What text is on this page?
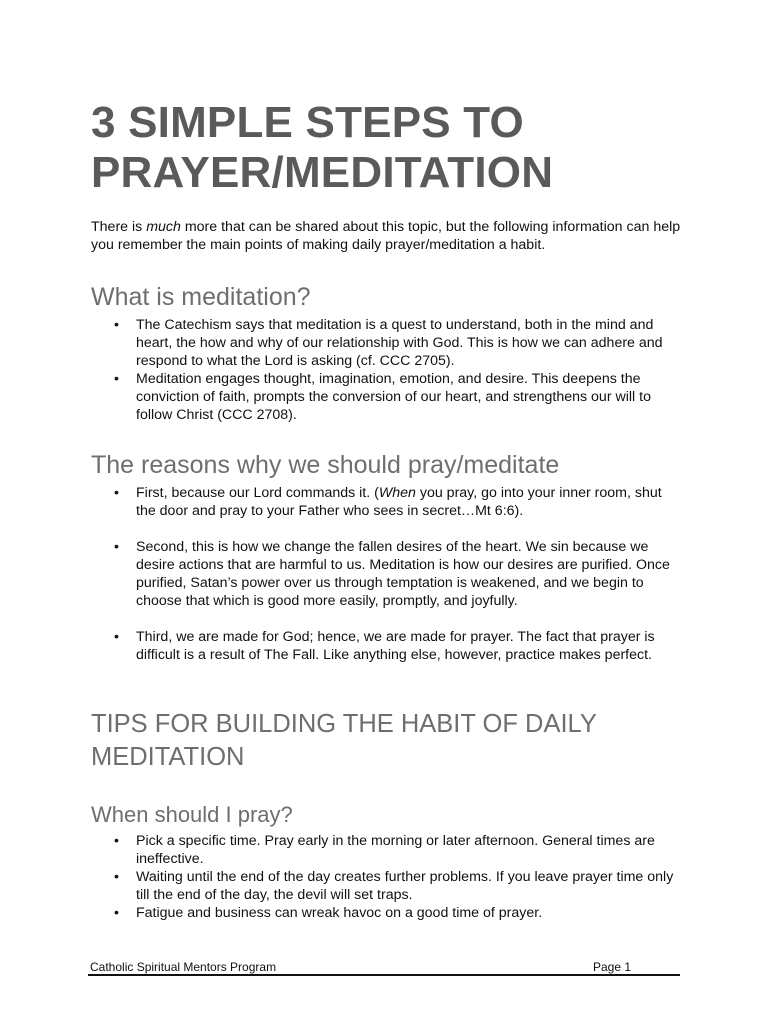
3 SIMPLE STEPS TO PRAYER/MEDITATION

There is much more that can be shared about this topic, but the following information can help you remember the main points of making daily prayer/meditation a habit.

What is meditation?
• The Catechism says that meditation is a quest to understand, both in the mind and heart, the how and why of our relationship with God. This is how we can adhere and respond to what the Lord is asking (cf. CCC 2705).
• Meditation engages thought, imagination, emotion, and desire. This deepens the conviction of faith, prompts the conversion of our heart, and strengthens our will to follow Christ (CCC 2708).
The reasons why we should pray/meditate
• First, because our Lord commands it. (When you pray, go into your inner room, shut the door and pray to your Father who sees in secret…Mt 6:6).
• Second, this is how we change the fallen desires of the heart. We sin because we desire actions that are harmful to us. Meditation is how our desires are purified. Once purified, Satan’s power over us through temptation is weakened, and we begin to choose that which is good more easily, promptly, and joyfully.
• Third, we are made for God; hence, we are made for prayer. The fact that prayer is difficult is a result of The Fall. Like anything else, however, practice makes perfect.
TIPS FOR BUILDING THE HABIT OF DAILY MEDITATION
When should I pray?
• Pick a specific time. Pray early in the morning or later afternoon. General times are ineffective.
• Waiting until the end of the day creates further problems. If you leave prayer time only till the end of the day, the devil will set traps.
• Fatigue and business can wreak havoc on a good time of prayer.
Catholic Spiritual Mentors Program	Page 1
